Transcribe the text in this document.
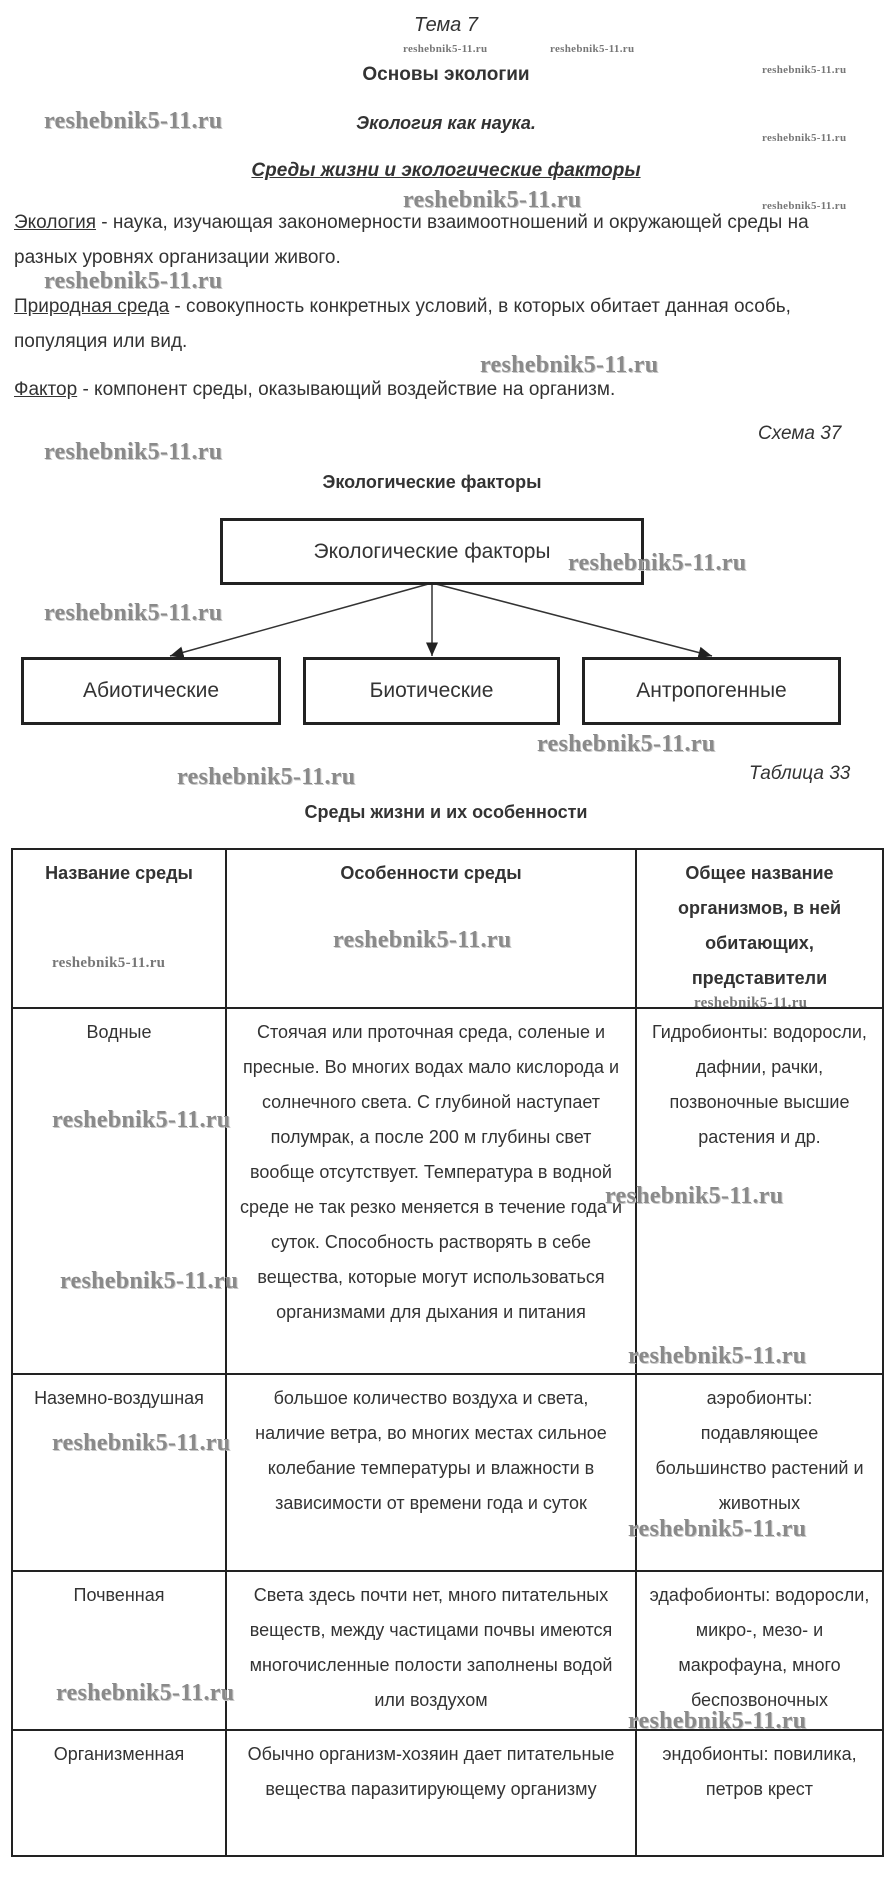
Тема 7
Основы экологии
Экология как наука.
Среды жизни и экологические факторы
Экология - наука, изучающая закономерности взаимоотношений и окружающей среды на разных уровнях организации живого.
Природная среда - совокупность конкретных условий, в которых обитает данная особь, популяция или вид.
Фактор - компонент среды, оказывающий воздействие на организм.
Схема 37
Экологические факторы
Экологические факторы
Абиотические	Биотические	Антропогенные
Таблица 33
Среды жизни и их особенности
Название среды	Особенности среды	Общее название организмов, в ней обитающих, представители
Водные	Стоячая или проточная среда, соленые и пресные. Во многих водах мало кислорода и солнечного света. С глубиной наступает полумрак, а после 200 м глубины свет вообще отсутствует. Температура в водной среде не так резко меняется в течение года и суток. Способность растворять в себе вещества, которые могут использоваться организмами для дыхания и питания	Гидробионты: водоросли, дафнии, рачки, позвоночные высшие растения и др.
Наземно-воздушная	большое количество воздуха и света, наличие ветра, во многих местах сильное колебание температуры и влажности в зависимости от времени года и суток	аэробионты: подавляющее большинство растений и животных
Почвенная	Света здесь почти нет, много питательных веществ, между частицами почвы имеются многочисленные полости заполнены водой или воздухом	эдафобионты: водоросли, микро-, мезо- и макрофауна, много беспозвоночных
Организменная	Обычно организм-хозяин дает питательные вещества паразитирующему организму	эндобионты: повилика, петров крест
reshebnik5-11.ru	reshebnik5-11.ru
reshebnik5-11.ru
reshebnik5-11.ru
reshebnik5-11.ru
reshebnik5-11.ru
reshebnik5-11.ru
reshebnik5-11.ru
reshebnik5-11.ru
reshebnik5-11.ru
reshebnik5-11.ru
reshebnik5-11.ru
reshebnik5-11.ru
reshebnik5-11.ru
reshebnik5-11.ru
reshebnik5-11.ru
reshebnik5-11.ru
reshebnik5-11.ru
reshebnik5-11.ru
reshebnik5-11.ru
reshebnik5-11.ru
reshebnik5-11.ru
reshebnik5-11.ru
reshebnik5-11.ru
reshebnik5-11.ru
